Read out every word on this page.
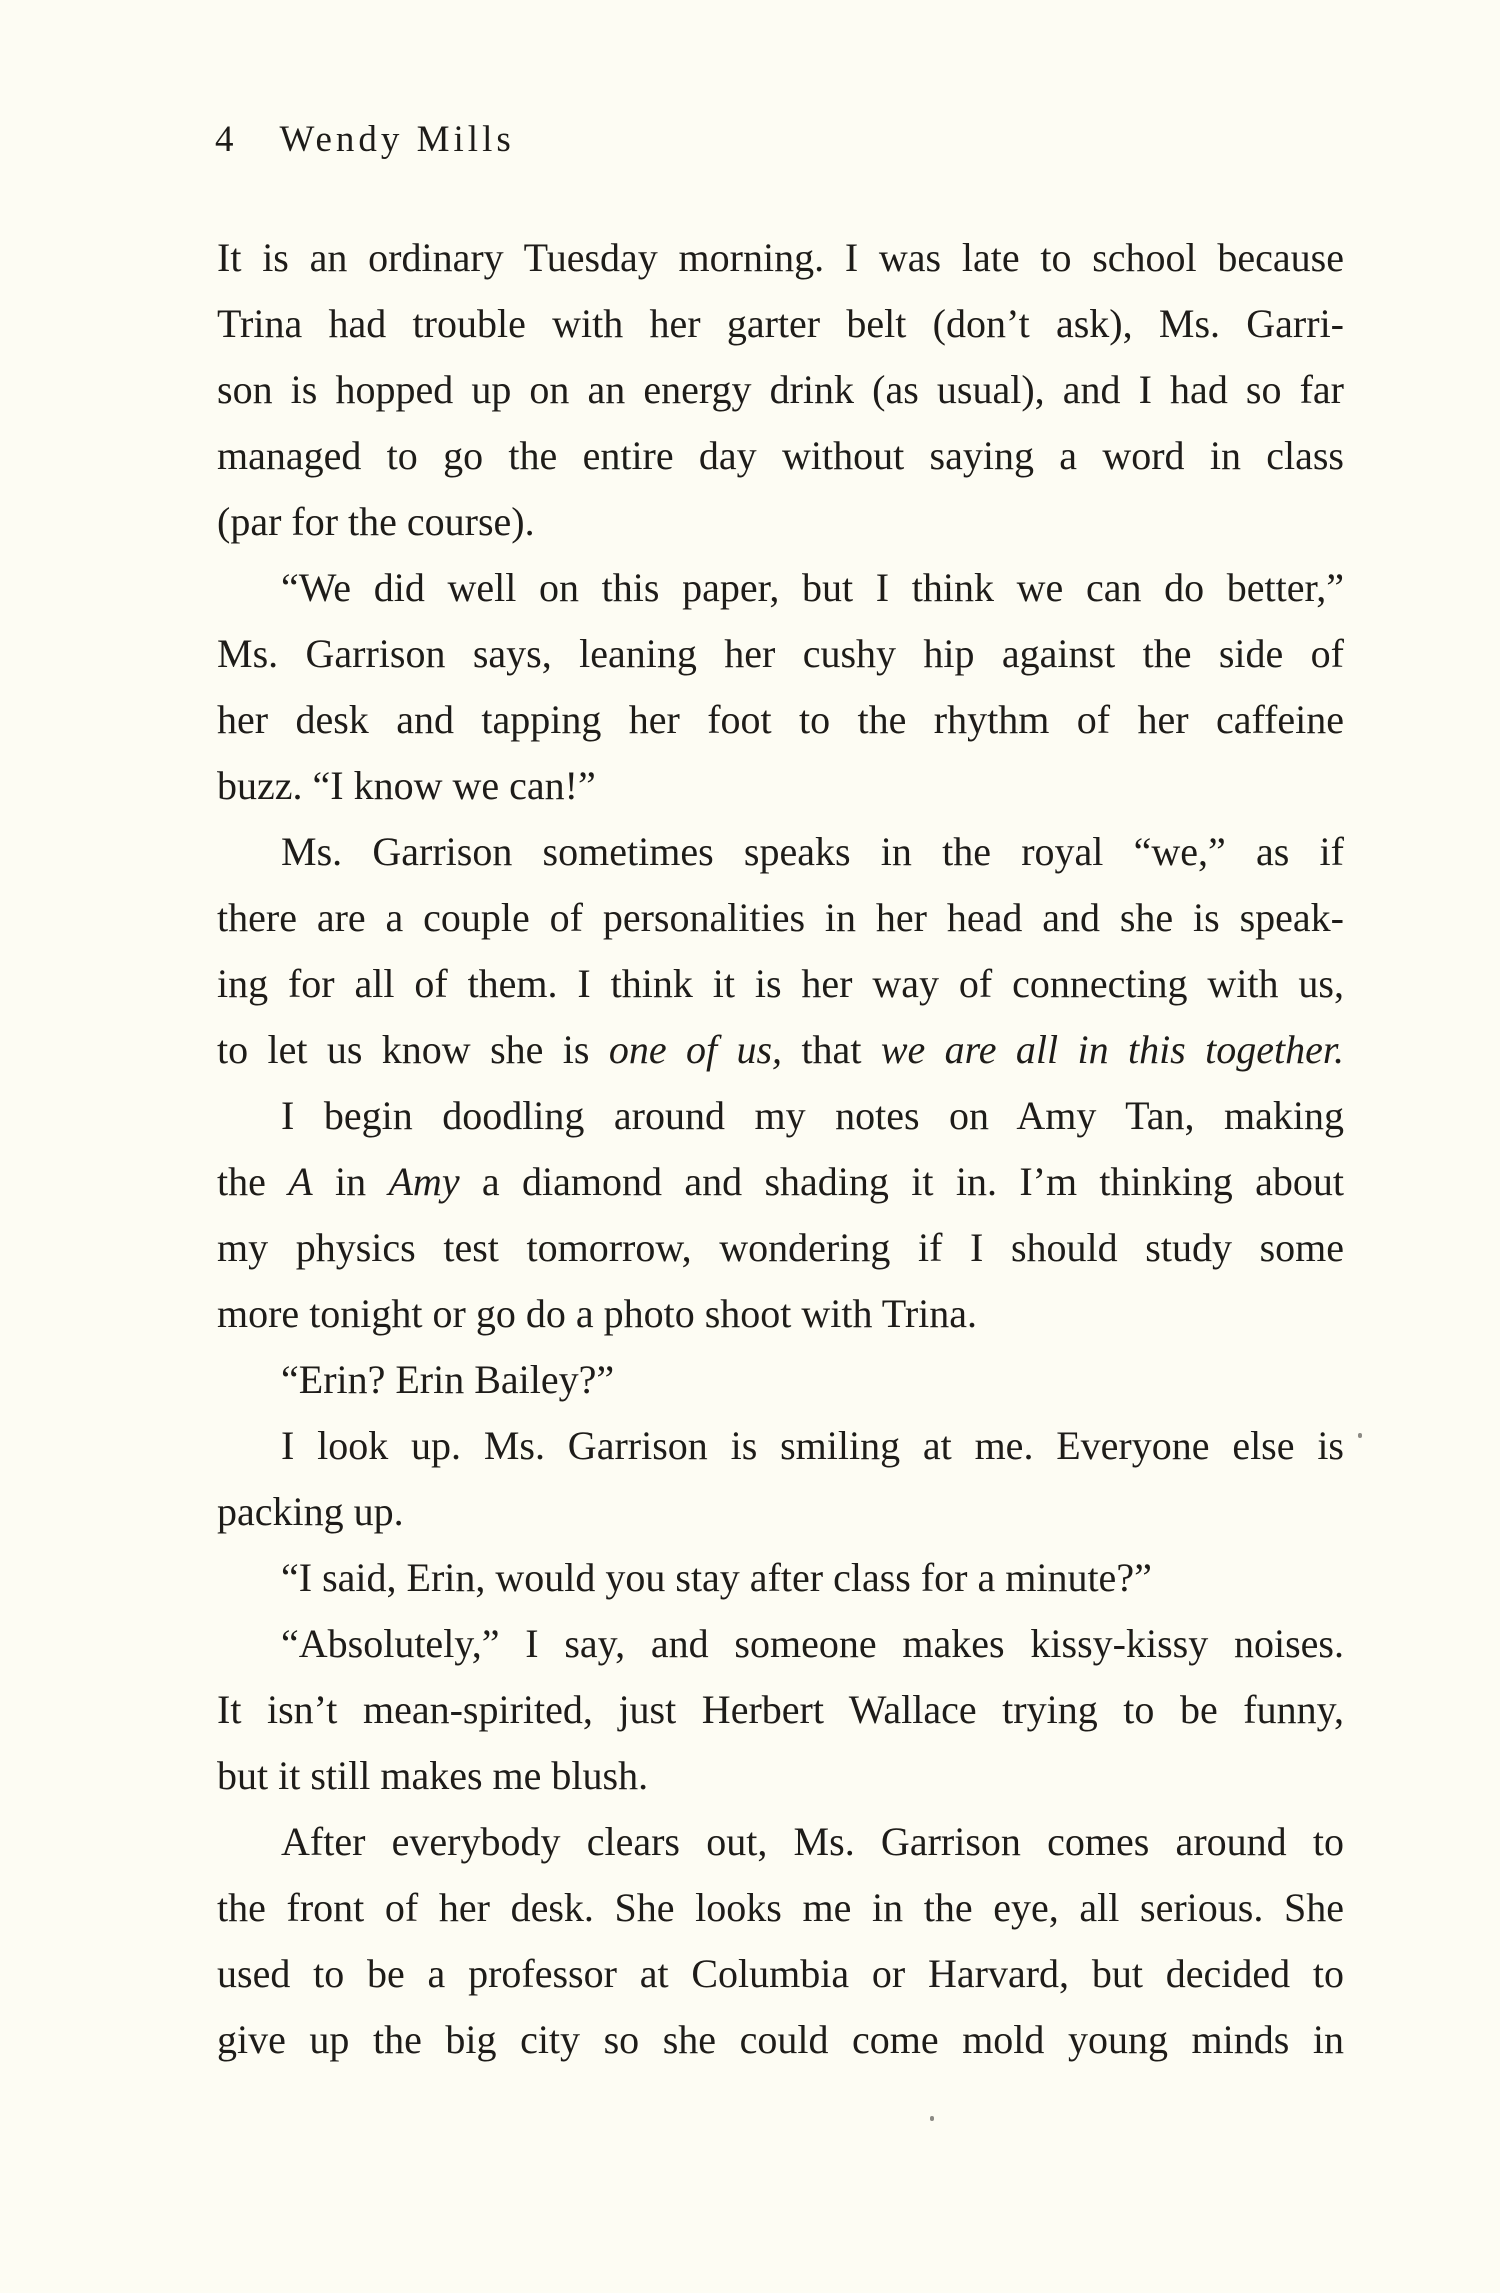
4 Wendy Mills
It is an ordinary Tuesday morning. I was late to school because
Trina had trouble with her garter belt (don’t ask), Ms. Garri-
son is hopped up on an energy drink (as usual), and I had so far
managed to go the entire day without saying a word in class
(par for the course).
“We did well on this paper, but I think we can do better,”
Ms. Garrison says, leaning her cushy hip against the side of
her desk and tapping her foot to the rhythm of her caffeine
buzz. “I know we can!”
Ms. Garrison sometimes speaks in the royal “we,” as if
there are a couple of personalities in her head and she is speak-
ing for all of them. I think it is her way of connecting with us,
to let us know she is one of us, that we are all in this together.
I begin doodling around my notes on Amy Tan, making
the A in Amy a diamond and shading it in. I’m thinking about
my physics test tomorrow, wondering if I should study some
more tonight or go do a photo shoot with Trina.
“Erin? Erin Bailey?”
I look up. Ms. Garrison is smiling at me. Everyone else is
packing up.
“I said, Erin, would you stay after class for a minute?”
“Absolutely,” I say, and someone makes kissy-kissy noises.
It isn’t mean-spirited, just Herbert Wallace trying to be funny,
but it still makes me blush.
After everybody clears out, Ms. Garrison comes around to
the front of her desk. She looks me in the eye, all serious. She
used to be a professor at Columbia or Harvard, but decided to
give up the big city so she could come mold young minds in
